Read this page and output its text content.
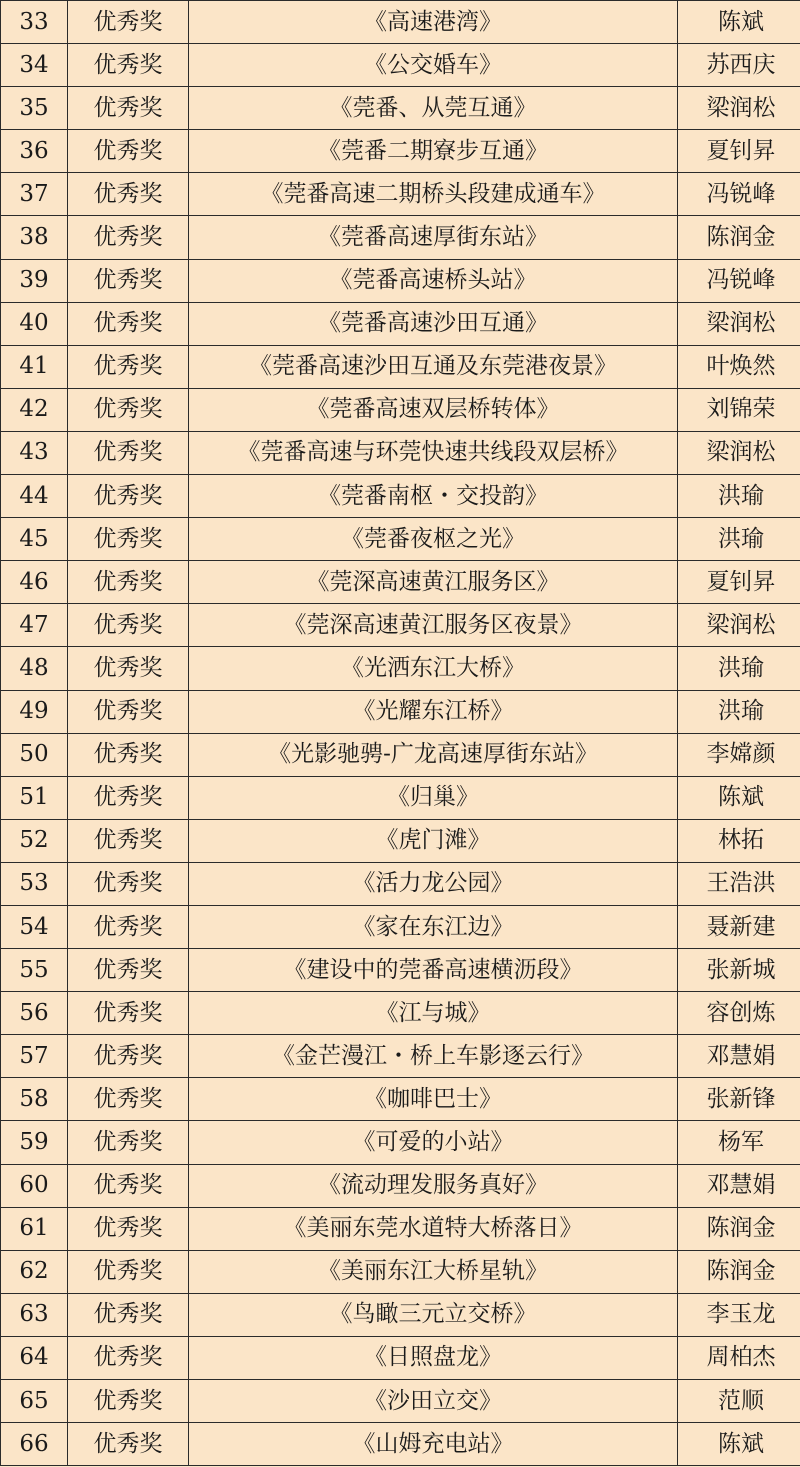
33	优秀奖	《高速港湾》	陈斌
34	优秀奖	《公交婚车》	苏西庆
35	优秀奖	《莞番、从莞互通》	梁润松
36	优秀奖	《莞番二期寮步互通》	夏钊昇
37	优秀奖	《莞番高速二期桥头段建成通车》	冯锐峰
38	优秀奖	《莞番高速厚街东站》	陈润金
39	优秀奖	《莞番高速桥头站》	冯锐峰
40	优秀奖	《莞番高速沙田互通》	梁润松
41	优秀奖	《莞番高速沙田互通及东莞港夜景》	叶焕然
42	优秀奖	《莞番高速双层桥转体》	刘锦荣
43	优秀奖	《莞番高速与环莞快速共线段双层桥》	梁润松
44	优秀奖	《莞番南枢・交投韵》	洪瑜
45	优秀奖	《莞番夜枢之光》	洪瑜
46	优秀奖	《莞深高速黄江服务区》	夏钊昇
47	优秀奖	《莞深高速黄江服务区夜景》	梁润松
48	优秀奖	《光洒东江大桥》	洪瑜
49	优秀奖	《光耀东江桥》	洪瑜
50	优秀奖	《光影驰骋-广龙高速厚街东站》	李嫦颜
51	优秀奖	《归巢》	陈斌
52	优秀奖	《虎门滩》	林拓
53	优秀奖	《活力龙公园》	王浩洪
54	优秀奖	《家在东江边》	聂新建
55	优秀奖	《建设中的莞番高速横沥段》	张新城
56	优秀奖	《江与城》	容创炼
57	优秀奖	《金芒漫江・桥上车影逐云行》	邓慧娟
58	优秀奖	《咖啡巴士》	张新锋
59	优秀奖	《可爱的小站》	杨军
60	优秀奖	《流动理发服务真好》	邓慧娟
61	优秀奖	《美丽东莞水道特大桥落日》	陈润金
62	优秀奖	《美丽东江大桥星轨》	陈润金
63	优秀奖	《鸟瞰三元立交桥》	李玉龙
64	优秀奖	《日照盘龙》	周柏杰
65	优秀奖	《沙田立交》	范顺
66	优秀奖	《山姆充电站》	陈斌
